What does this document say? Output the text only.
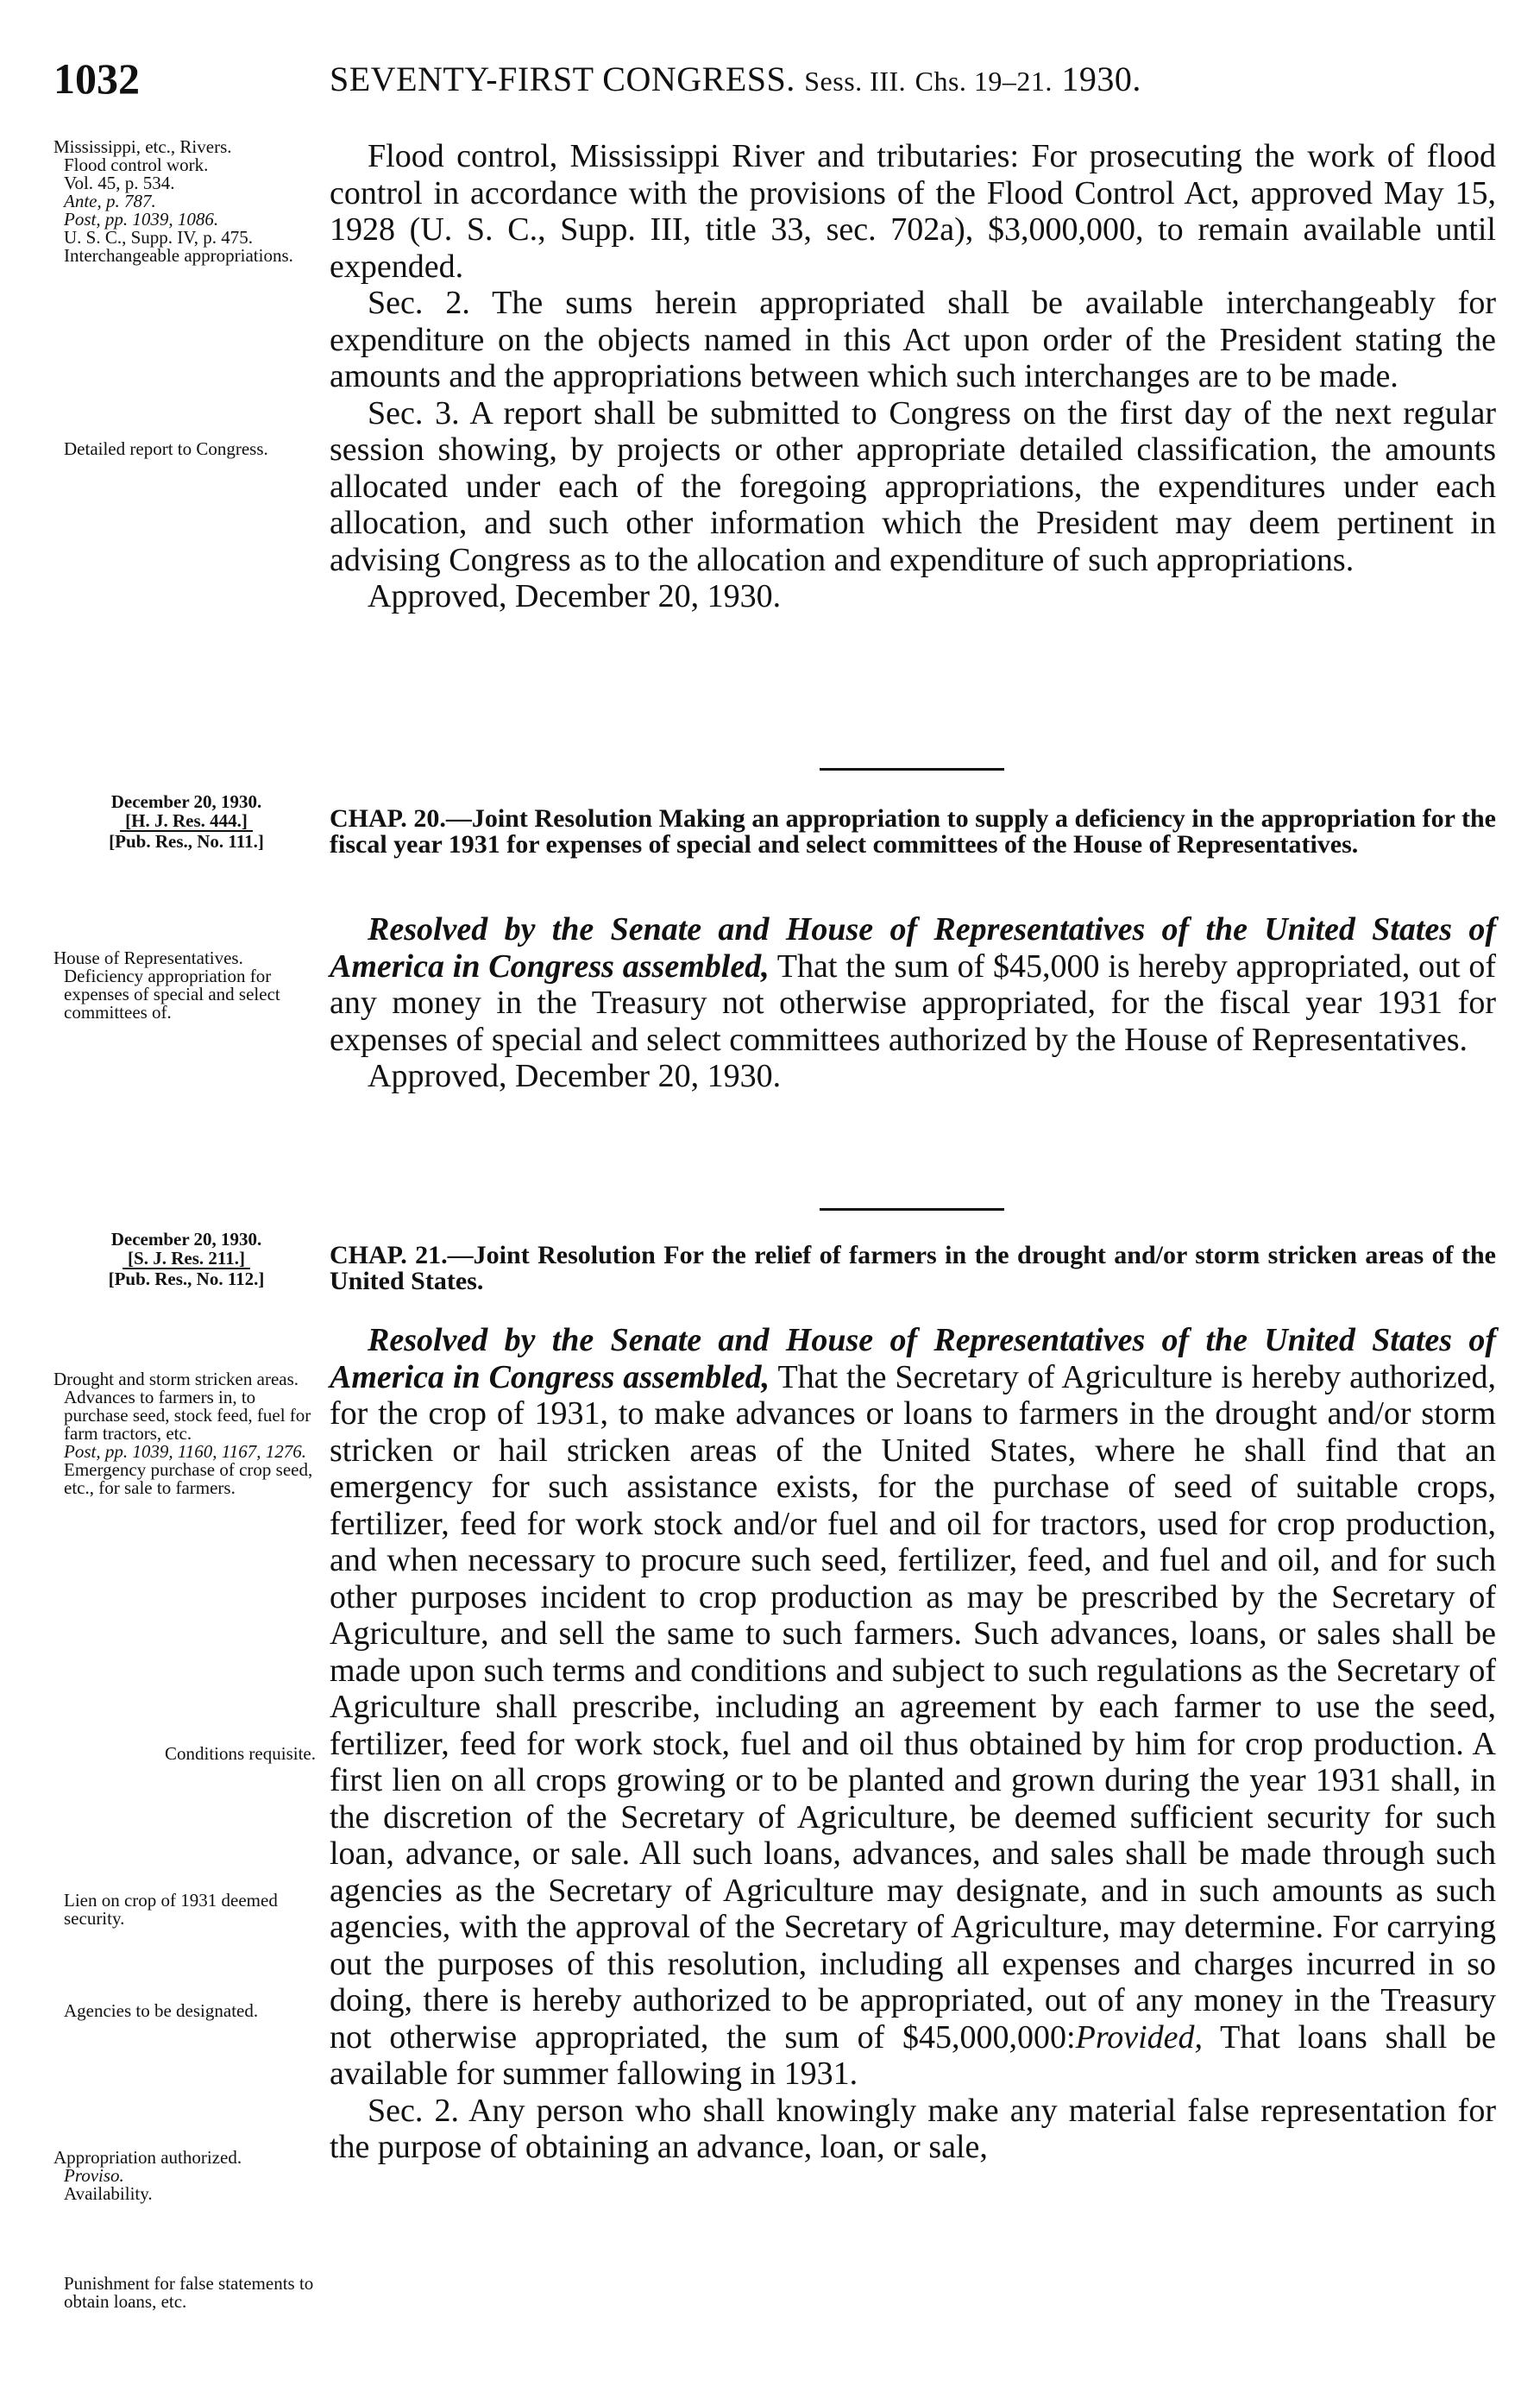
1032	SEVENTY-FIRST CONGRESS. Sess. III. Chs. 19–21. 1930.
Mississippi, etc., Rivers.
Flood control work.
Vol. 45, p. 534.
Ante, p. 787.
Post, pp. 1039, 1086.
U. S. C., Supp. IV, p. 475.
Interchangeable appropriations.
Detailed report to Congress.

Flood control, Mississippi River and tributaries: For prosecuting the work of flood control in accordance with the provisions of the Flood Control Act, approved May 15, 1928 (U. S. C., Supp. III, title 33, sec. 702a), $3,000,000, to remain available until expended.

Sec. 2. The sums herein appropriated shall be available interchangeably for expenditure on the objects named in this Act upon order of the President stating the amounts and the appropriations between which such interchanges are to be made.

Sec. 3. A report shall be submitted to Congress on the first day of the next regular session showing, by projects or other appropriate detailed classification, the amounts allocated under each of the foregoing appropriations, the expenditures under each allocation, and such other information which the President may deem pertinent in advising Congress as to the allocation and expenditure of such appropriations.

Approved, December 20, 1930.

December 20, 1930.
[H. J. Res. 444.]
[Pub. Res., No. 111.]
CHAP. 20.—Joint Resolution Making an appropriation to supply a deficiency in the appropriation for the fiscal year 1931 for expenses of special and select committees of the House of Representatives.
House of Representatives.
Deficiency appropriation for expenses of special and select committees of.

Resolved by the Senate and House of Representatives of the United States of America in Congress assembled, That the sum of $45,000 is hereby appropriated, out of any money in the Treasury not otherwise appropriated, for the fiscal year 1931 for expenses of special and select committees authorized by the House of Representatives.

Approved, December 20, 1930.

December 20, 1930.
[S. J. Res. 211.]
[Pub. Res., No. 112.]
CHAP. 21.—Joint Resolution For the relief of farmers in the drought and/or storm stricken areas of the United States.
Drought and storm stricken areas.
Advances to farmers in, to purchase seed, stock feed, fuel for farm tractors, etc.
Post, pp. 1039, 1160, 1167, 1276.
Emergency purchase of crop seed, etc., for sale to farmers.
Conditions requisite.
Lien on crop of 1931 deemed security.
Agencies to be designated.
Appropriation authorized.
Proviso.
Availability.
Punishment for false statements to obtain loans, etc.

Resolved by the Senate and House of Representatives of the United States of America in Congress assembled, That the Secretary of Agriculture is hereby authorized, for the crop of 1931, to make advances or loans to farmers in the drought and/or storm stricken or hail stricken areas of the United States, where he shall find that an emergency for such assistance exists, for the purchase of seed of suitable crops, fertilizer, feed for work stock and/or fuel and oil for tractors, used for crop production, and when necessary to procure such seed, fertilizer, feed, and fuel and oil, and for such other purposes incident to crop production as may be prescribed by the Secretary of Agriculture, and sell the same to such farmers. Such advances, loans, or sales shall be made upon such terms and conditions and subject to such regulations as the Secretary of Agriculture shall prescribe, including an agreement by each farmer to use the seed, fertilizer, feed for work stock, fuel and oil thus obtained by him for crop production. A first lien on all crops growing or to be planted and grown during the year 1931 shall, in the discretion of the Secretary of Agriculture, be deemed sufficient security for such loan, advance, or sale. All such loans, advances, and sales shall be made through such agencies as the Secretary of Agriculture may designate, and in such amounts as such agencies, with the approval of the Secretary of Agriculture, may determine. For carrying out the purposes of this resolution, including all expenses and charges incurred in so doing, there is hereby authorized to be appropriated, out of any money in the Treasury not otherwise appropriated, the sum of $45,000,000:Provided, That loans shall be available for summer fallowing in 1931.

Sec. 2. Any person who shall knowingly make any material false representation for the purpose of obtaining an advance, loan, or sale,
